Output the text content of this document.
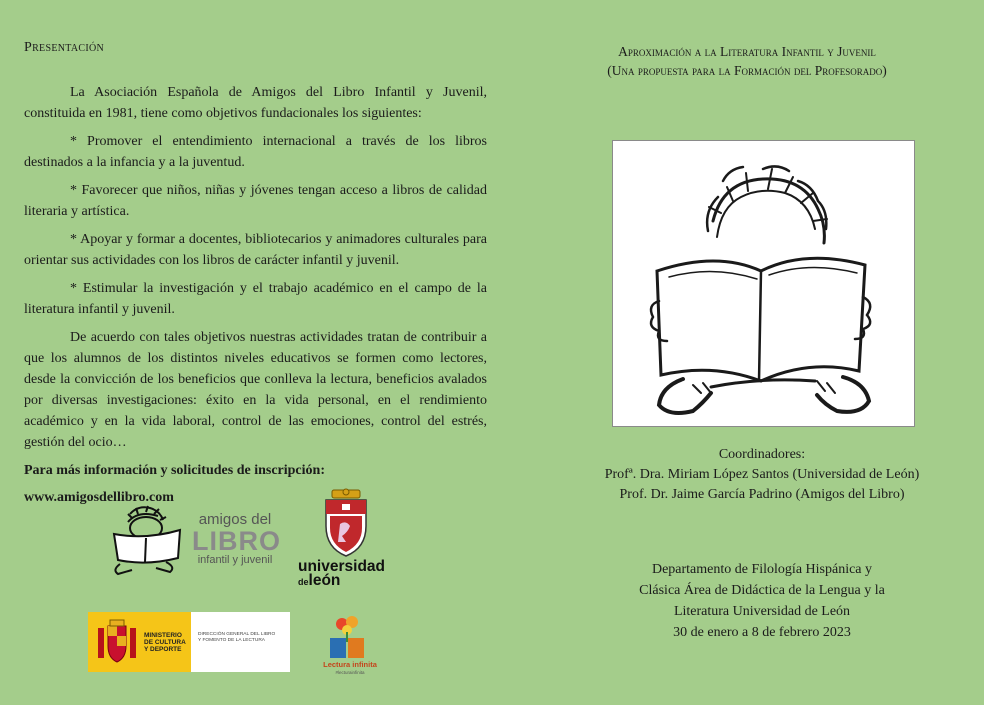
Presentación

La Asociación Española de Amigos del Libro Infantil y Juvenil, constituida en 1981, tiene como objetivos fundacionales los siguientes:

* Promover el entendimiento internacional a través de los libros destinados a la infancia y a la juventud.

* Favorecer que niños, niñas y jóvenes tengan acceso a libros de calidad literaria y artística.

* Apoyar y formar a docentes, bibliotecarios y animadores culturales para orientar sus actividades con los libros de carácter infantil y juvenil.

* Estimular la investigación y el trabajo académico en el campo de la literatura infantil y juvenil.

De acuerdo con tales objetivos nuestras actividades tratan de contribuir a que los alumnos de los distintos niveles educativos se formen como lectores, desde la convicción de los beneficios que conlleva la lectura, beneficios avalados por diversas investigaciones: éxito en la vida personal, en el rendimiento académico y en la vida laboral, control de las emociones, control del estrés, gestión del ocio…

Para más información y solicitudes de inscripción:

www.amigosdellibro.com

amigos del
LIBRO
infantil y juvenil	universidad
deleón
MINISTERIO
DE CULTURA
Y DEPORTE
DIRECCIÓN GENERAL DEL LIBRO
Y FOMENTO DE LA LECTURA
Lectura infinita
#lecturainfinita
Aproximación a la Literatura Infantil y Juvenil
(Una propuesta para la Formación del Profesorado)
Coordinadores:
Profª. Dra. Miriam López Santos (Universidad de León)
Prof. Dr. Jaime García Padrino (Amigos del Libro)
Departamento de Filología Hispánica y
Clásica Área de Didáctica de la Lengua y la
Literatura Universidad de León
30 de enero a 8 de febrero 2023
